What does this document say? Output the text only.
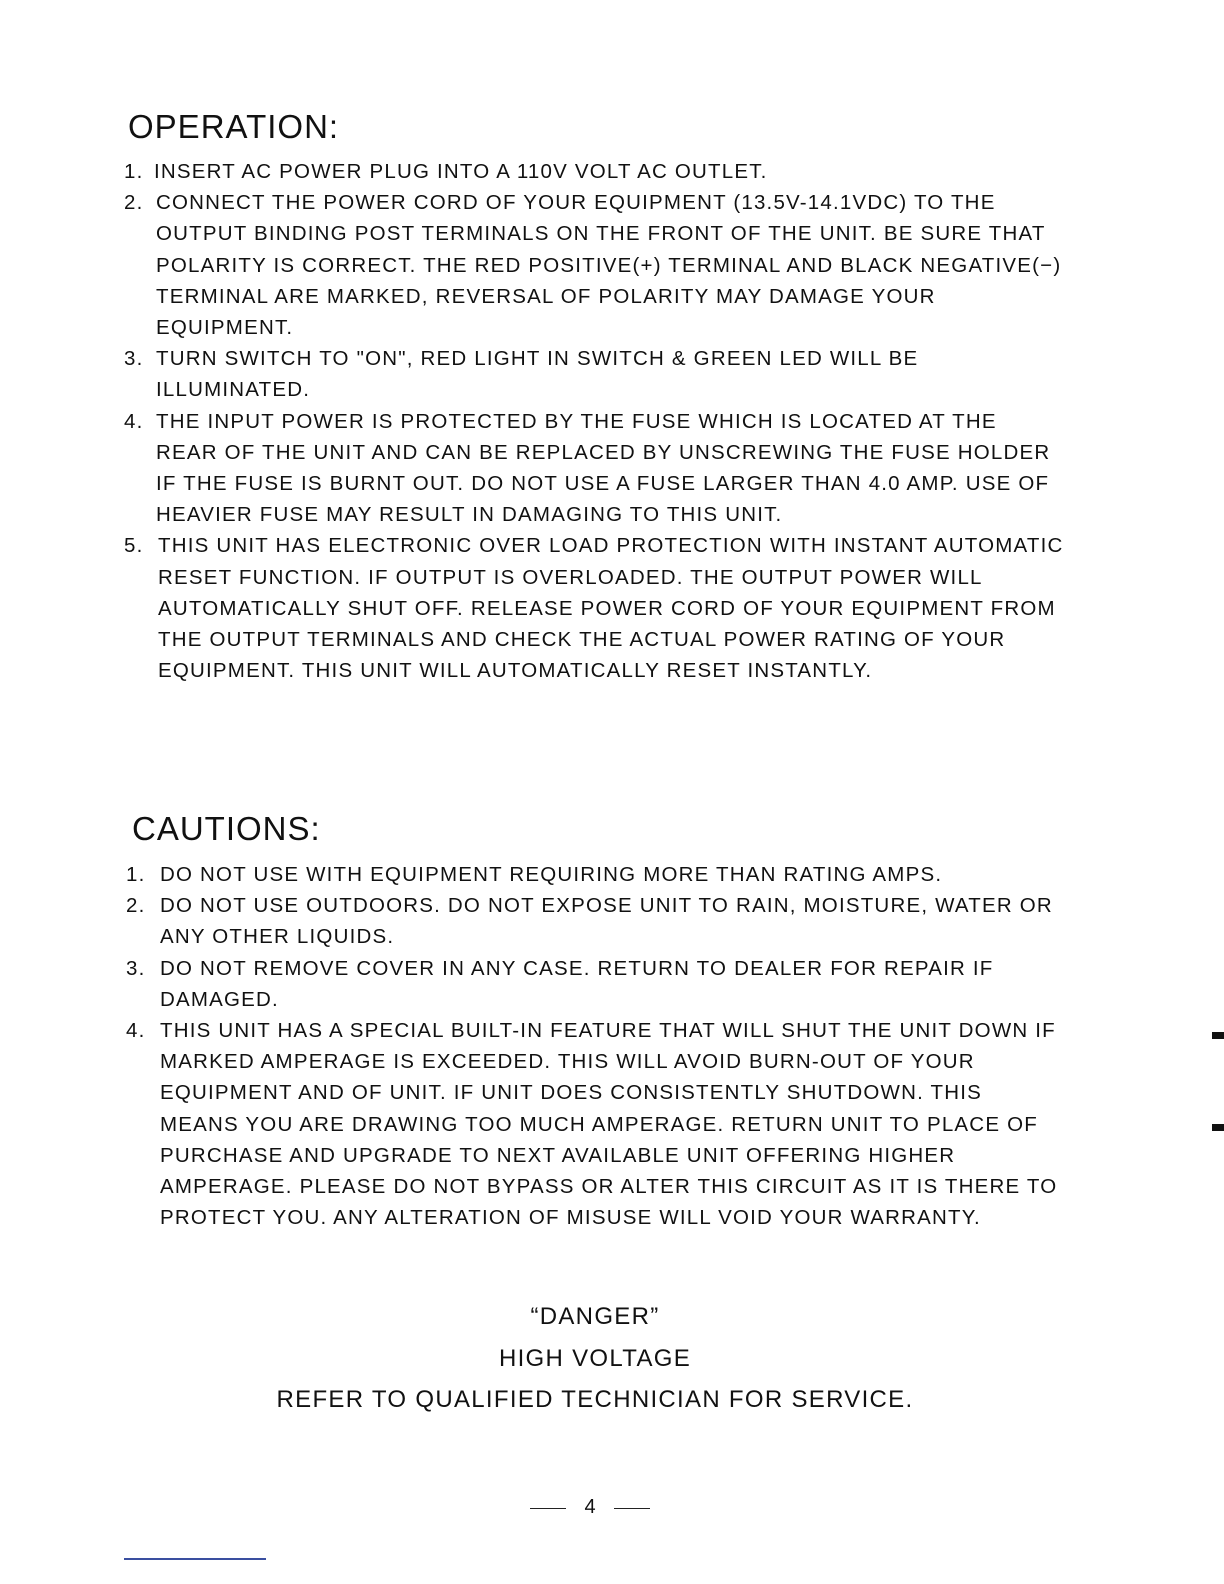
OPERATION:
1. INSERT AC POWER PLUG INTO A 110V VOLT AC OUTLET.
2. CONNECT THE POWER CORD OF YOUR EQUIPMENT (13.5V-14.1VDC) TO THE OUTPUT BINDING POST TERMINALS ON THE FRONT OF THE UNIT. BE SURE THAT POLARITY IS CORRECT. THE RED POSITIVE(+) TERMINAL AND BLACK NEGATIVE(−) TERMINAL ARE MARKED, REVERSAL OF POLARITY MAY DAMAGE YOUR EQUIPMENT.
3. TURN SWITCH TO "ON", RED LIGHT IN SWITCH & GREEN LED WILL BE ILLUMINATED.
4. THE INPUT POWER IS PROTECTED BY THE FUSE WHICH IS LOCATED AT THE REAR OF THE UNIT AND CAN BE REPLACED BY UNSCREWING THE FUSE HOLDER IF THE FUSE IS BURNT OUT. DO NOT USE A FUSE LARGER THAN 4.0 AMP. USE OF HEAVIER FUSE MAY RESULT IN DAMAGING TO THIS UNIT.
5. THIS UNIT HAS ELECTRONIC OVER LOAD PROTECTION WITH INSTANT AUTOMATIC RESET FUNCTION. IF OUTPUT IS OVERLOADED. THE OUTPUT POWER WILL AUTOMATICALLY SHUT OFF. RELEASE POWER CORD OF YOUR EQUIPMENT FROM THE OUTPUT TERMINALS AND CHECK THE ACTUAL POWER RATING OF YOUR EQUIPMENT. THIS UNIT WILL AUTOMATICALLY RESET INSTANTLY.
CAUTIONS:
1. DO NOT USE WITH EQUIPMENT REQUIRING MORE THAN RATING AMPS.
2. DO NOT USE OUTDOORS. DO NOT EXPOSE UNIT TO RAIN, MOISTURE, WATER OR ANY OTHER LIQUIDS.
3. DO NOT REMOVE COVER IN ANY CASE. RETURN TO DEALER FOR REPAIR IF DAMAGED.
4. THIS UNIT HAS A SPECIAL BUILT-IN FEATURE THAT WILL SHUT THE UNIT DOWN IF MARKED AMPERAGE IS EXCEEDED. THIS WILL AVOID BURN-OUT OF YOUR EQUIPMENT AND OF UNIT. IF UNIT DOES CONSISTENTLY SHUTDOWN. THIS MEANS YOU ARE DRAWING TOO MUCH AMPERAGE. RETURN UNIT TO PLACE OF PURCHASE AND UPGRADE TO NEXT AVAILABLE UNIT OFFERING HIGHER AMPERAGE. PLEASE DO NOT BYPASS OR ALTER THIS CIRCUIT AS IT IS THERE TO PROTECT YOU. ANY ALTERATION OF MISUSE WILL VOID YOUR WARRANTY.

“DANGER”

HIGH VOLTAGE

REFER TO QUALIFIED TECHNICIAN FOR SERVICE.

4
